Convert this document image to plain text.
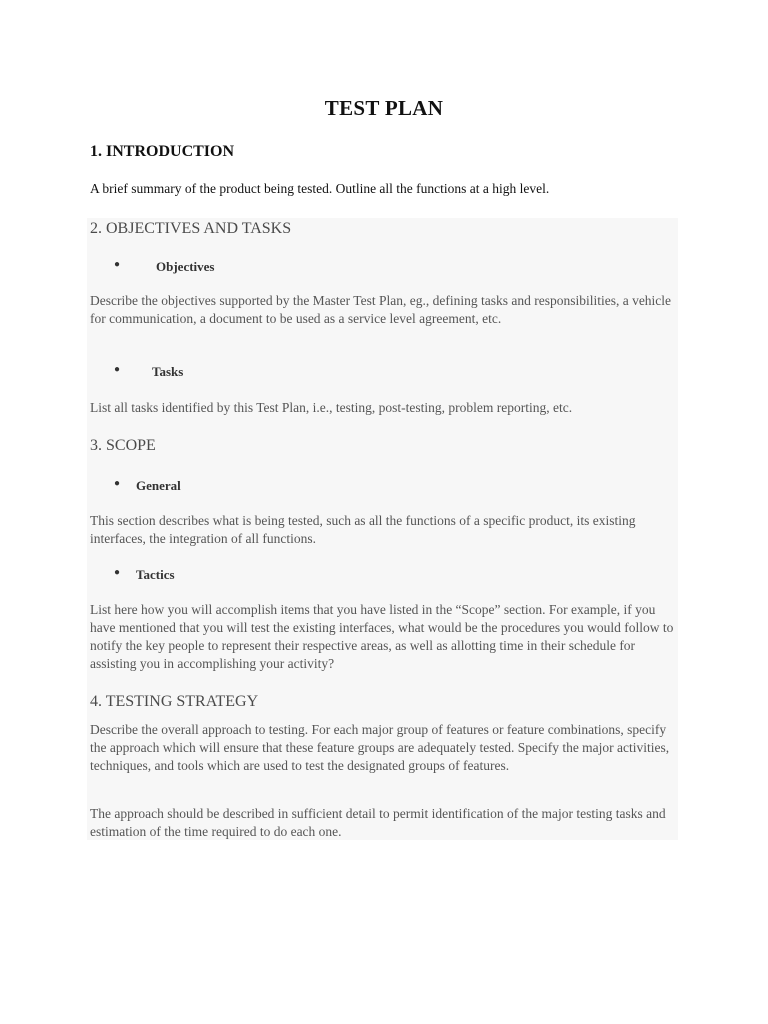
TEST PLAN
1. INTRODUCTION
A brief summary of the product being tested. Outline all the functions at a high level.
2. OBJECTIVES AND TASKS
●	Objectives
Describe the objectives supported by the Master Test Plan, eg., defining tasks and responsibilities, a vehicle for communication, a document to be used as a service level agreement, etc.
● Tasks
List all tasks identified by this Test Plan, i.e., testing, post-testing, problem reporting, etc.
3. SCOPE
● General
This section describes what is being tested, such as all the functions of a specific product, its existing interfaces, the integration of all functions.
● Tactics
List here how you will accomplish items that you have listed in the “Scope” section. For example, if you have mentioned that you will test the existing interfaces, what would be the procedures you would follow to notify the key people to represent their respective areas, as well as allotting time in their schedule for assisting you in accomplishing your activity?
4. TESTING STRATEGY
Describe the overall approach to testing. For each major group of features or feature combinations, specify the approach which will ensure that these feature groups are adequately tested. Specify the major activities, techniques, and tools which are used to test the designated groups of features.
The approach should be described in sufficient detail to permit identification of the major testing tasks and estimation of the time required to do each one.
